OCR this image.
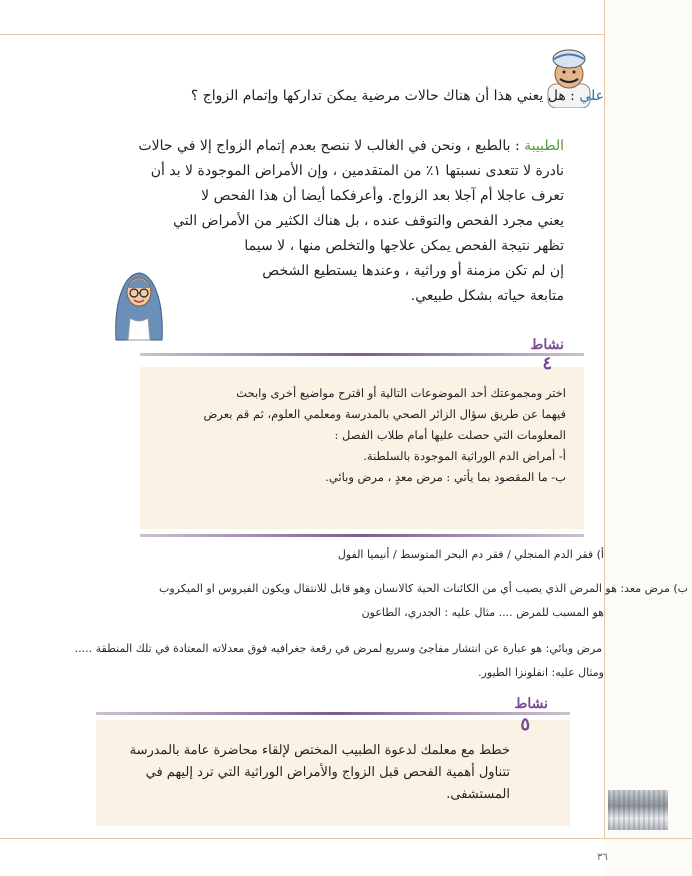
علي : هل يعني هذا أن هناك حالات مرضية يمكن تداركها وإتمام الزواج ؟
الطبيبة : بالطبع ، ونحن في الغالب لا ننصح بعدم إتمام الزواج إلا في حالات
نادرة لا تتعدى نسبتها ١٪ من المتقدمين ، وإن الأمراض الموجودة لا بد أن
تعرف عاجلا أم آجلا بعد الزواج. وأعرفكما أيضا أن هذا الفحص لا
يعني مجرد الفحص والتوقف عنده ، بل هناك الكثير من الأمراض التي
تظهر نتيجة الفحص يمكن علاجها والتخلص منها ، لا سيما
إن لم تكن مزمنة أو وراثية ، وعندها يستطيع الشخص
متابعة حياته بشكل طبيعي.
نشاط
٤
اختر ومجموعتك أحد الموضوعات التالية أو اقترح مواضيع أخرى وابحث
فيهما عن طريق سؤال الزائر الصحي بالمدرسة ومعلمي العلوم، ثم قم بعرض
المعلومات التي حصلت عليها أمام طلاب الفصل :
أ- أمراض الدم الوراثية الموجودة بالسلطنة.
ب- ما المقصود بما يأتي : مرض معدٍ ، مرض وبائي.
أ) فقر الدم المنجلي / فقر دم البحر المتوسط / أنيميا الفول
ب) مرض معد: هو المرض الذي يصيب أي من الكائنات الحية كالانسان وهو قابل للانتقال ويكون الفيروس او الميكروب
هو المسبب للمرض .... مثال عليه : الجدري، الطاعون
مرض وبائي: هو عبارة عن انتشار مفاجئ وسريع لمرض في رقعة جغرافيه فوق معدلاته المعتادة في تلك المنطقة .....
ومثال عليه: انفلونزا الطيور.
نشاط
٥
خطط مع معلمك لدعوة الطبيب المختص لإلقاء محاضرة عامة بالمدرسة
تتناول أهمية الفحص قبل الزواج والأمراض الوراثية التي ترد إليهم في
المستشفى.
٣٦
